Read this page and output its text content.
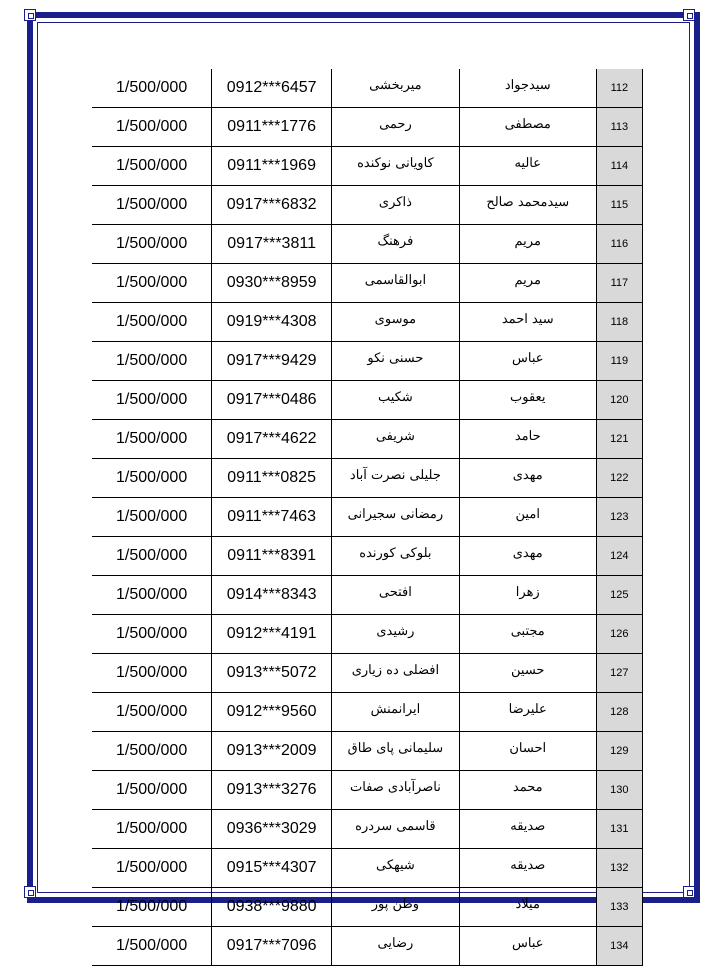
1/500/000	0912***6457	میربخشی	سیدجواد	112
1/500/000	0911***1776	رحمی	مصطفی	113
1/500/000	0911***1969	کاویانی نوکنده	عالیه	114
1/500/000	0917***6832	ذاکری	سیدمحمد صالح	115
1/500/000	0917***3811	فرهنگ	مریم	116
1/500/000	0930***8959	ابوالقاسمی	مریم	117
1/500/000	0919***4308	موسوی	سید احمد	118
1/500/000	0917***9429	حسنی نکو	عباس	119
1/500/000	0917***0486	شکیب	یعقوب	120
1/500/000	0917***4622	شریفی	حامد	121
1/500/000	0911***0825	جلیلی نصرت آباد	مهدی	122
1/500/000	0911***7463	رمضانی سجیرانی	امین	123
1/500/000	0911***8391	بلوکی کورنده	مهدی	124
1/500/000	0914***8343	افتحی	زهرا	125
1/500/000	0912***4191	رشیدی	مجتبی	126
1/500/000	0913***5072	افضلی ده زیاری	حسین	127
1/500/000	0912***9560	ایرانمنش	علیرضا	128
1/500/000	0913***2009	سلیمانی پای طاق	احسان	129
1/500/000	0913***3276	ناصرآبادی صفات	محمد	130
1/500/000	0936***3029	قاسمی سردره	صدیقه	131
1/500/000	0915***4307	شیهکی	صدیقه	132
1/500/000	0938***9880	وطن پور	میلاد	133
1/500/000	0917***7096	رضایی	عباس	134
